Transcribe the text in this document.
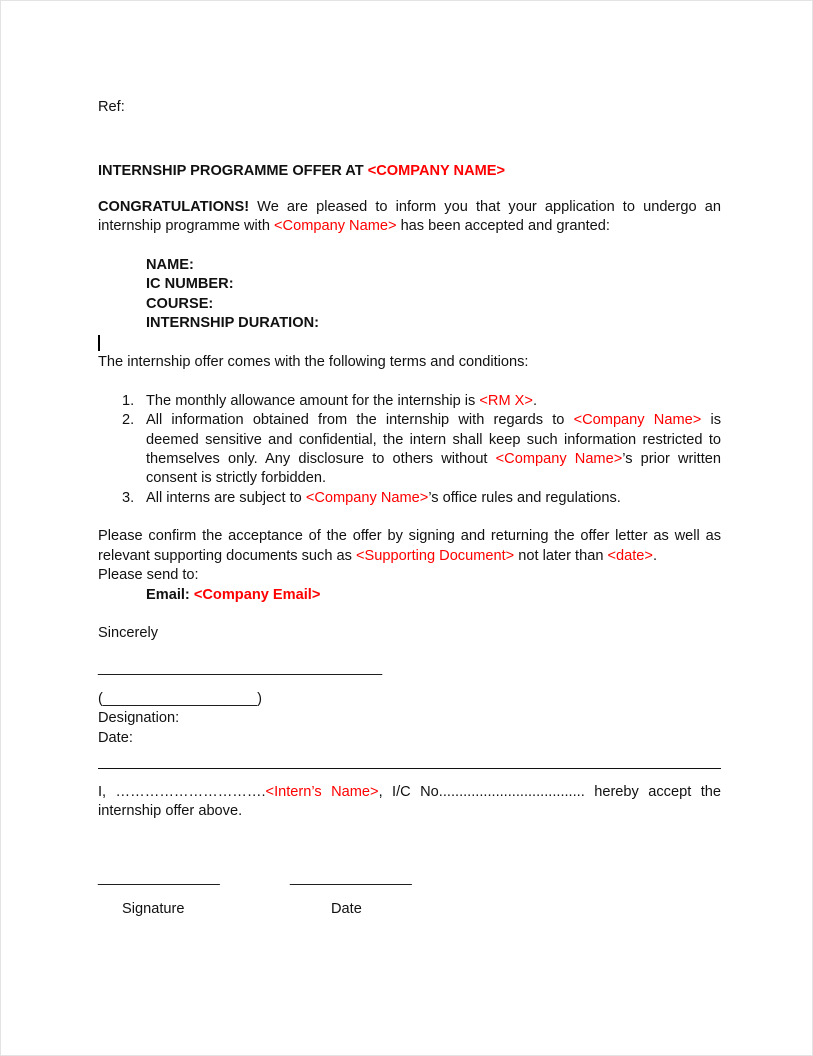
Ref:
INTERNSHIP PROGRAMME OFFER AT <COMPANY NAME>
CONGRATULATIONS! We are pleased to inform you that your application to undergo an
internship programme with <Company Name> has been accepted and granted:
NAME:
IC NUMBER:
COURSE:
INTERNSHIP DURATION:
The internship offer comes with the following terms and conditions:
1. The monthly allowance amount for the internship is <RM X>.
2. All information obtained from the internship with regards to <Company Name> is
deemed sensitive and confidential, the intern shall keep such information restricted to
themselves only. Any disclosure to others without <Company Name>’s prior written
consent is strictly forbidden.
3. All interns are subject to <Company Name>’s office rules and regulations.
Please confirm the acceptance of the offer by signing and returning the offer letter as well as
relevant supporting documents such as <Supporting Document> not later than <date>.
Please send to:
Email: <Company Email>
Sincerely
___________________________________
(___________________)
Designation:
Date:
I, ………………………….<Intern’s Name>, I/C No.................................... hereby accept the
internship offer above.
_______________	_______________
Signature	Date
